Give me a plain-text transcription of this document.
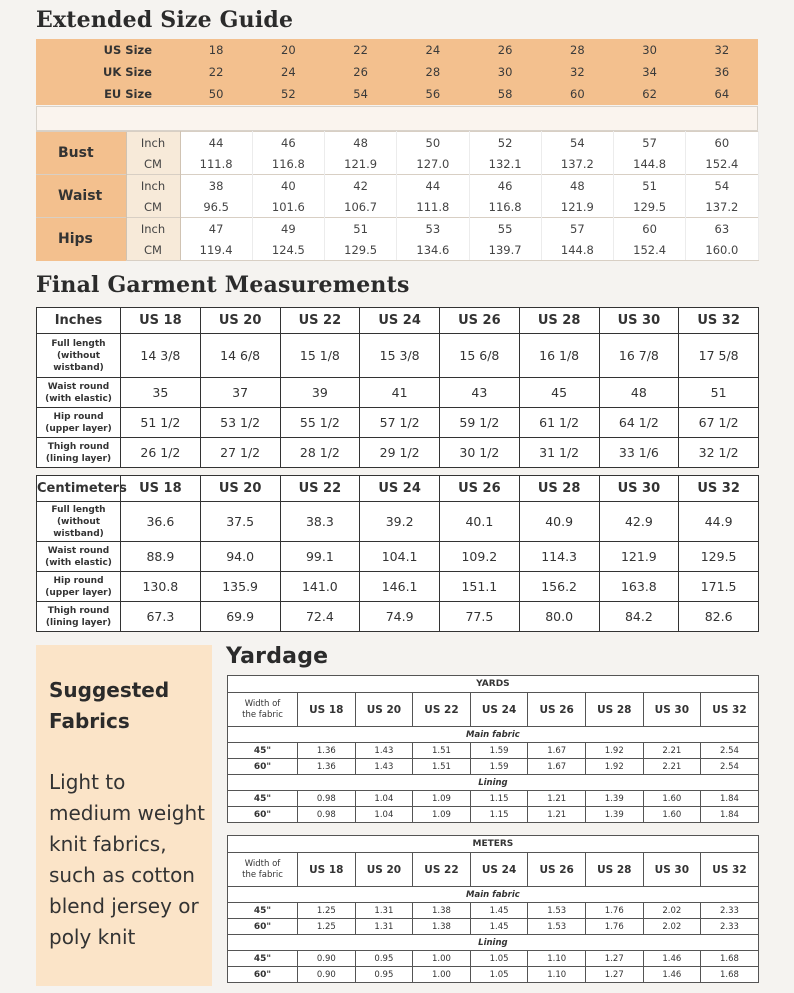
Extended Size Guide
US Size	18	20	22	24	26	28	30	32
UK Size	22	24	26	28	30	32	34	36
EU Size	50	52	54	56	58	60	62	64
Bust	Inch	44	46	48	50	52	54	57	60
	CM	111.8	116.8	121.9	127.0	132.1	137.2	144.8	152.4
Waist	Inch	38	40	42	44	46	48	51	54
	CM	96.5	101.6	106.7	111.8	116.8	121.9	129.5	137.2
Hips	Inch	47	49	51	53	55	57	60	63
	CM	119.4	124.5	129.5	134.6	139.7	144.8	152.4	160.0
Final Garment Measurements
Inches	US 18	US 20	US 22	US 24	US 26	US 28	US 30	US 32
Full length
(without wistband)	14 3/8	14 6/8	15 1/8	15 3/8	15 6/8	16 1/8	16 7/8	17 5/8
Waist round
(with elastic)	35	37	39	41	43	45	48	51
Hip round
(upper layer)	51 1/2	53 1/2	55 1/2	57 1/2	59 1/2	61 1/2	64 1/2	67 1/2
Thigh round
(lining layer)	26 1/2	27 1/2	28 1/2	29 1/2	30 1/2	31 1/2	33 1/6	32 1/2
Centimeters	US 18	US 20	US 22	US 24	US 26	US 28	US 30	US 32
Full length
(without wistband)	36.6	37.5	38.3	39.2	40.1	40.9	42.9	44.9
Waist round
(with elastic)	88.9	94.0	99.1	104.1	109.2	114.3	121.9	129.5
Hip round
(upper layer)	130.8	135.9	141.0	146.1	151.1	156.2	163.8	171.5
Thigh round
(lining layer)	67.3	69.9	72.4	74.9	77.5	80.0	84.2	82.6
Suggested
Fabrics

Light to medium weight knit fabrics, such as cotton blend jersey or poly knit

Yardage
YARDS								
Width of
the fabric	US 18	US 20	US 22	US 24	US 26	US 28	US 30	US 32
Main fabric								
45"	1.36	1.43	1.51	1.59	1.67	1.92	2.21	2.54
60"	1.36	1.43	1.51	1.59	1.67	1.92	2.21	2.54
Lining								
45"	0.98	1.04	1.09	1.15	1.21	1.39	1.60	1.84
60"	0.98	1.04	1.09	1.15	1.21	1.39	1.60	1.84
METERS								
Width of
the fabric	US 18	US 20	US 22	US 24	US 26	US 28	US 30	US 32
Main fabric								
45"	1.25	1.31	1.38	1.45	1.53	1.76	2.02	2.33
60"	1.25	1.31	1.38	1.45	1.53	1.76	2.02	2.33
Lining								
45"	0.90	0.95	1.00	1.05	1.10	1.27	1.46	1.68
60"	0.90	0.95	1.00	1.05	1.10	1.27	1.46	1.68
